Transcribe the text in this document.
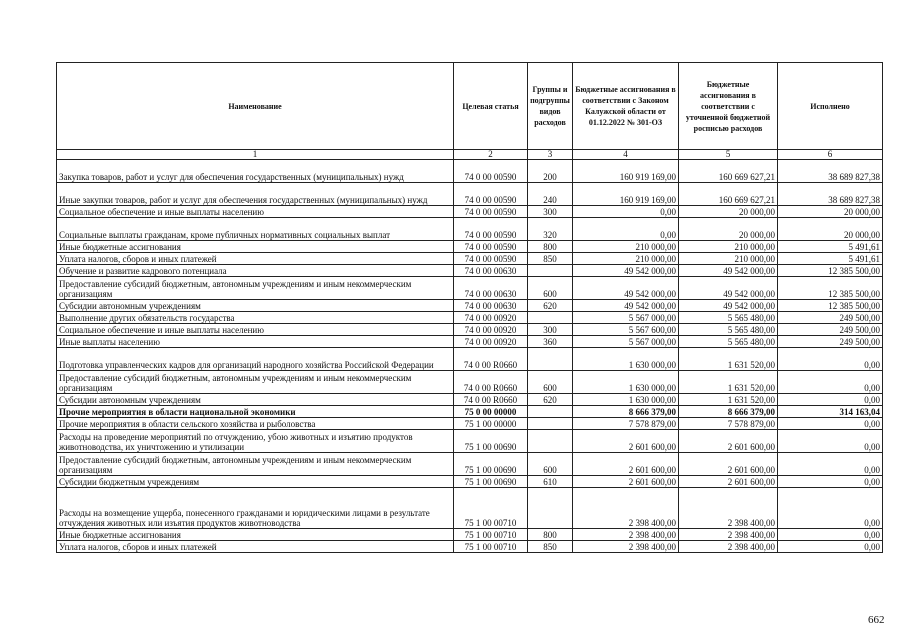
Наименование	Целевая статья	Группы и подгруппы видов расходов	Бюджетные ассигнования в соответствии с Законом Калужской области от 01.12.2022 № 301-ОЗ	Бюджетные ассигнования в соответствии с уточненной бюджетной росписью расходов	Исполнено
1	2	3	4	5	6
Закупка товаров, работ и услуг для обеспечения государственных (муниципальных) нужд	74 0 00 00590	200	160 919 169,00	160 669 627,21	38 689 827,38
Иные закупки товаров, работ и услуг для обеспечения государственных (муниципальных) нужд	74 0 00 00590	240	160 919 169,00	160 669 627,21	38 689 827,38
Социальное обеспечение и иные выплаты населению	74 0 00 00590	300	0,00	20 000,00	20 000,00
Социальные выплаты гражданам, кроме публичных нормативных социальных выплат	74 0 00 00590	320	0,00	20 000,00	20 000,00
Иные бюджетные ассигнования	74 0 00 00590	800	210 000,00	210 000,00	5 491,61
Уплата налогов, сборов и иных платежей	74 0 00 00590	850	210 000,00	210 000,00	5 491,61
Обучение и развитие кадрового потенциала	74 0 00 00630		49 542 000,00	49 542 000,00	12 385 500,00
Предоставление субсидий бюджетным, автономным учреждениям и иным некоммерческим организациям	74 0 00 00630	600	49 542 000,00	49 542 000,00	12 385 500,00
Субсидии автономным учреждениям	74 0 00 00630	620	49 542 000,00	49 542 000,00	12 385 500,00
Выполнение других обязательств государства	74 0 00 00920		5 567 000,00	5 565 480,00	249 500,00
Социальное обеспечение и иные выплаты населению	74 0 00 00920	300	5 567 600,00	5 565 480,00	249 500,00
Иные выплаты населению	74 0 00 00920	360	5 567 000,00	5 565 480,00	249 500,00
Подготовка управленческих кадров для организаций народного хозяйства Российской Федерации	74 0 00 R0660		1 630 000,00	1 631 520,00	0,00
Предоставление субсидий бюджетным, автономным учреждениям и иным некоммерческим организациям	74 0 00 R0660	600	1 630 000,00	1 631 520,00	0,00
Субсидии автономным учреждениям	74 0 00 R0660	620	1 630 000,00	1 631 520,00	0,00
Прочие мероприятия в области национальной экономики	75 0 00 00000		8 666 379,00	8 666 379,00	314 163,04
Прочие мероприятия в области сельского хозяйства и рыболовства	75 1 00 00000		7 578 879,00	7 578 879,00	0,00
Расходы на проведение мероприятий по отчуждению, убою животных и изъятию продуктов животноводства, их уничтожению и утилизации	75 1 00 00690		2 601 600,00	2 601 600,00	0,00
Предоставление субсидий бюджетным, автономным учреждениям и иным некоммерческим организациям	75 1 00 00690	600	2 601 600,00	2 601 600,00	0,00
Субсидии бюджетным учреждениям	75 1 00 00690	610	2 601 600,00	2 601 600,00	0,00
Расходы на возмещение ущерба, понесенного гражданами и юридическими лицами в результате отчуждения животных или изъятия продуктов животноводства	75 1 00 00710		2 398 400,00	2 398 400,00	0,00
Иные бюджетные ассигнования	75 1 00 00710	800	2 398 400,00	2 398 400,00	0,00
Уплата налогов, сборов и иных платежей	75 1 00 00710	850	2 398 400,00	2 398 400,00	0,00
662
